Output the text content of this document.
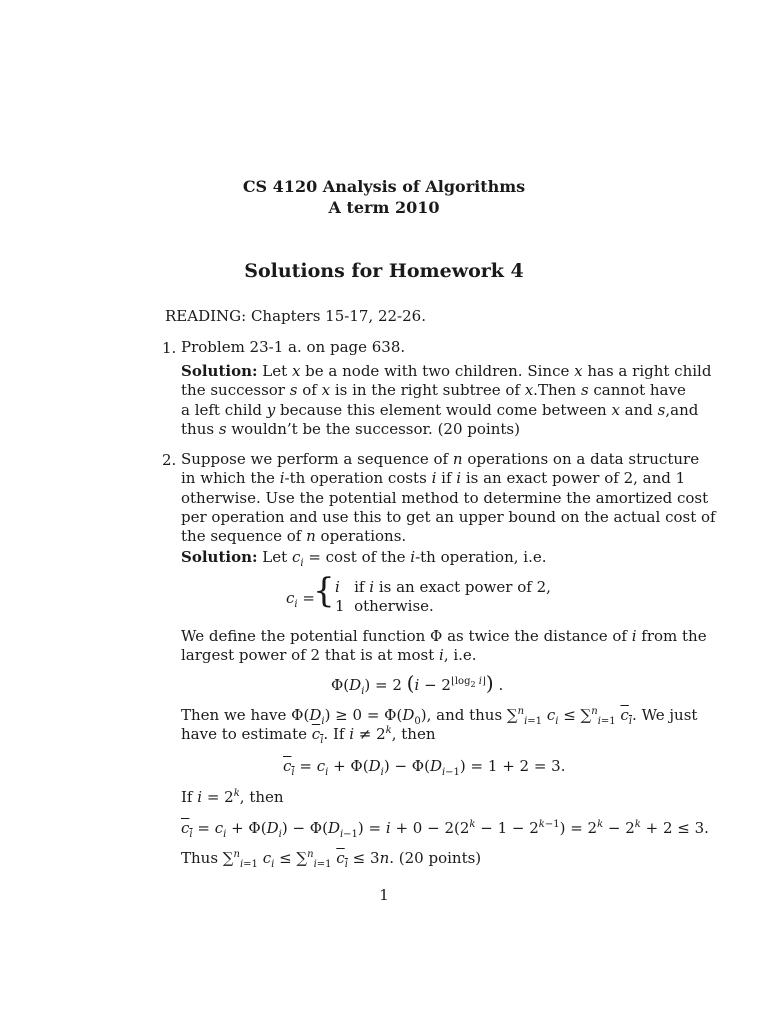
CS 4120 Analysis of Algorithms
A term 2010
Solutions for Homework 4
READING: Chapters 15-17, 22-26.
1. Problem 23-1 a. on page 638.
Solution: Let x be a node with two children. Since x has a right child
the successor s of x is in the right subtree of x. Then s cannot have
a left child y because this element would come between x and s, and
thus s wouldn’t be the successor. (20 points)
2. Suppose we perform a sequence of n operations on a data structure
in which the i-th operation costs i if i is an exact power of 2, and 1
otherwise. Use the potential method to determine the amortized cost
per operation and use this to get an upper bound on the actual cost of
the sequence of n operations.
Solution: Let $c_i = \cos t$ of the i-th operation, i.e.
$c_i$ =
{ i   if i is an exact power of 2,
1  otherwise.
We define the potential function Φ as twice the distance of i from the
largest power of 2 that is at most i, i.e.
$\Phi(D_i) = 2$ $(i - 2^{⌊log_2 i⌋})$ .
Then we have $\Phi(D_i) \ge 0 = \Phi(D_0)$, and thus ∑$^n_{i=1}$ $c_i \le \sum^n_{i=1}$ $c_i$. We just
have to estimate $c_i$. If $i \ne 2^k$, then
$c_i = c_i + \Phi(D_i) - \Phi(D_{i-1}) = 1 + 2 = 3$.
If $i = 2^k$, then
$c_i = c_i + \Phi(D_i) - \Phi(D_{i-1}) = i + 0 - 2(2^k - 1 - 2^{k-1}) = 2^k - 2^k + 2 \le 3$.
Thus ∑$^n_{i=1}$ $c_i \le \sum^n_{i=1}$ $c_i \le 3n$. (20 points)
1
